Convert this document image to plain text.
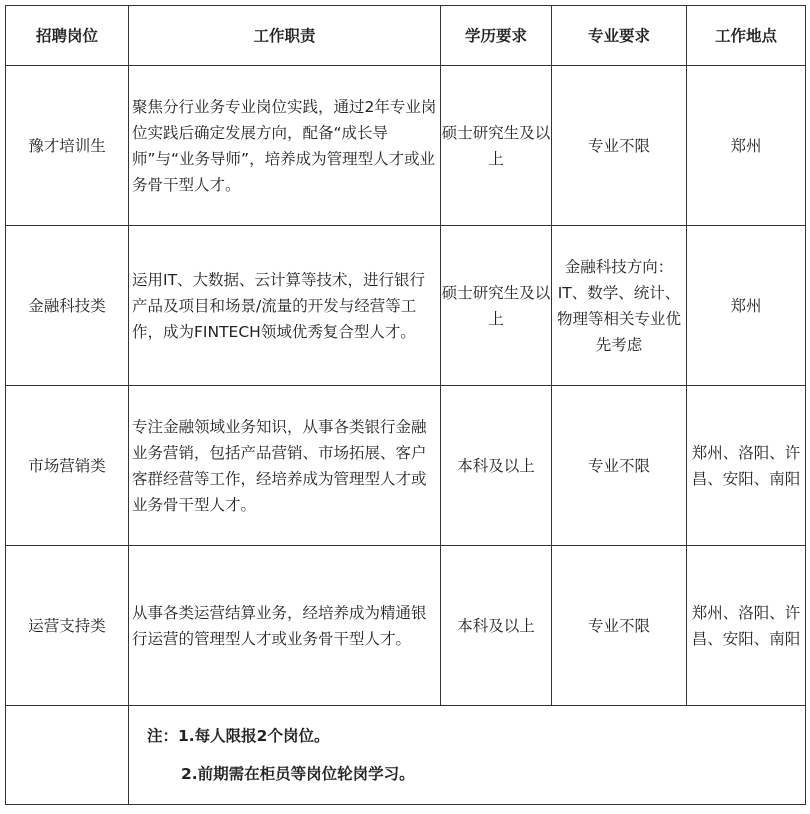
招聘岗位	工作职责	学历要求	专业要求	工作地点
豫才培训生	聚焦分行业务专业岗位实践，通过2年专业岗位实践后确定发展方向，配备“成长导师”与“业务导师”，培养成为管理型人才或业务骨干型人才。	硕士研究生及以上	专业不限	郑州
金融科技类	运用IT、大数据、云计算等技术，进行银行产品及项目和场景/流量的开发与经营等工作，成为FINTECH领域优秀复合型人才。	硕士研究生及以上	金融科技方向：IT、数学、统计、物理等相关专业优先考虑	郑州
市场营销类	专注金融领域业务知识，从事各类银行金融业务营销，包括产品营销、市场拓展、客户客群经营等工作，经培养成为管理型人才或业务骨干型人才。	本科及以上	专业不限	郑州、洛阳、许昌、安阳、南阳
运营支持类	从事各类运营结算业务，经培养成为精通银行运营的管理型人才或业务骨干型人才。	本科及以上	专业不限	郑州、洛阳、许昌、安阳、南阳

	注：1.每人限报2个岗位。
2.前期需在柜员等岗位轮岗学习。			
